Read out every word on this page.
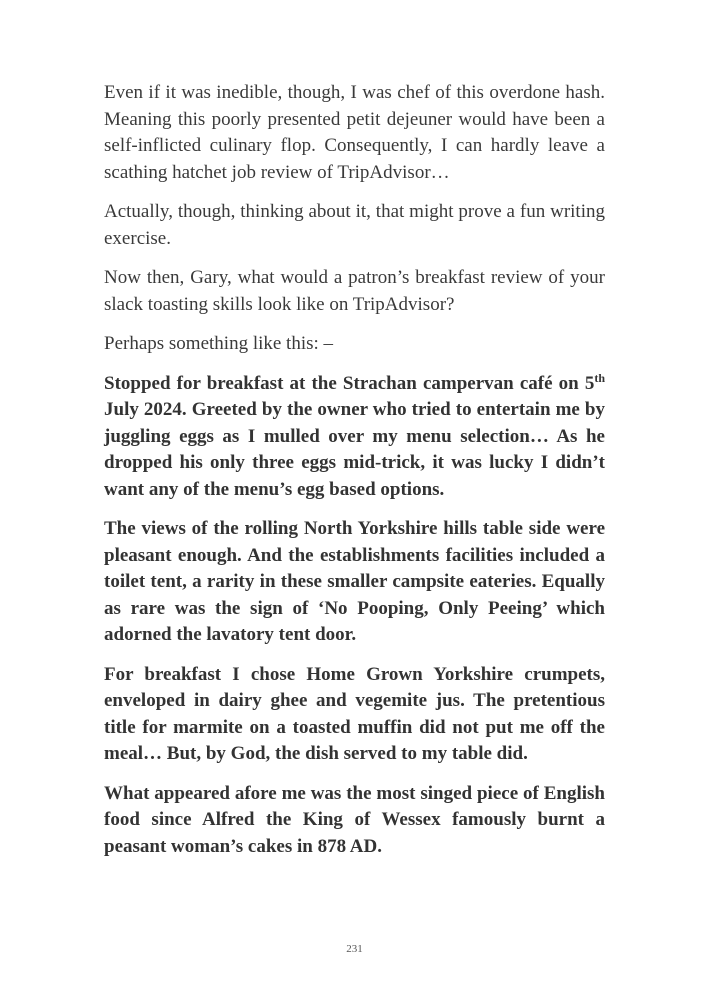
Even if it was inedible, though, I was chef of this overdone hash. Meaning this poorly presented petit dejeuner would have been a self-inflicted culinary flop. Consequently, I can hardly leave a scathing hatchet job review of TripAdvisor…

Actually, though, thinking about it, that might prove a fun writing exercise.

Now then, Gary, what would a patron’s breakfast review of your slack toasting skills look like on TripAdvisor?

Perhaps something like this: –

Stopped for breakfast at the Strachan campervan café on 5th July 2024. Greeted by the owner who tried to entertain me by juggling eggs as I mulled over my menu selection… As he dropped his only three eggs mid-trick, it was lucky I didn’t want any of the menu’s egg based options.

The views of the rolling North Yorkshire hills table side were pleasant enough. And the establishments facilities included a toilet tent, a rarity in these smaller campsite eateries. Equally as rare was the sign of ‘No Pooping, Only Peeing’ which adorned the lavatory tent door.

For breakfast I chose Home Grown Yorkshire crumpets, enveloped in dairy ghee and vegemite jus. The pretentious title for marmite on a toasted muffin did not put me off the meal… But, by God, the dish served to my table did.

What appeared afore me was the most singed piece of English food since Alfred the King of Wessex famously burnt a peasant woman’s cakes in 878 AD.

231
